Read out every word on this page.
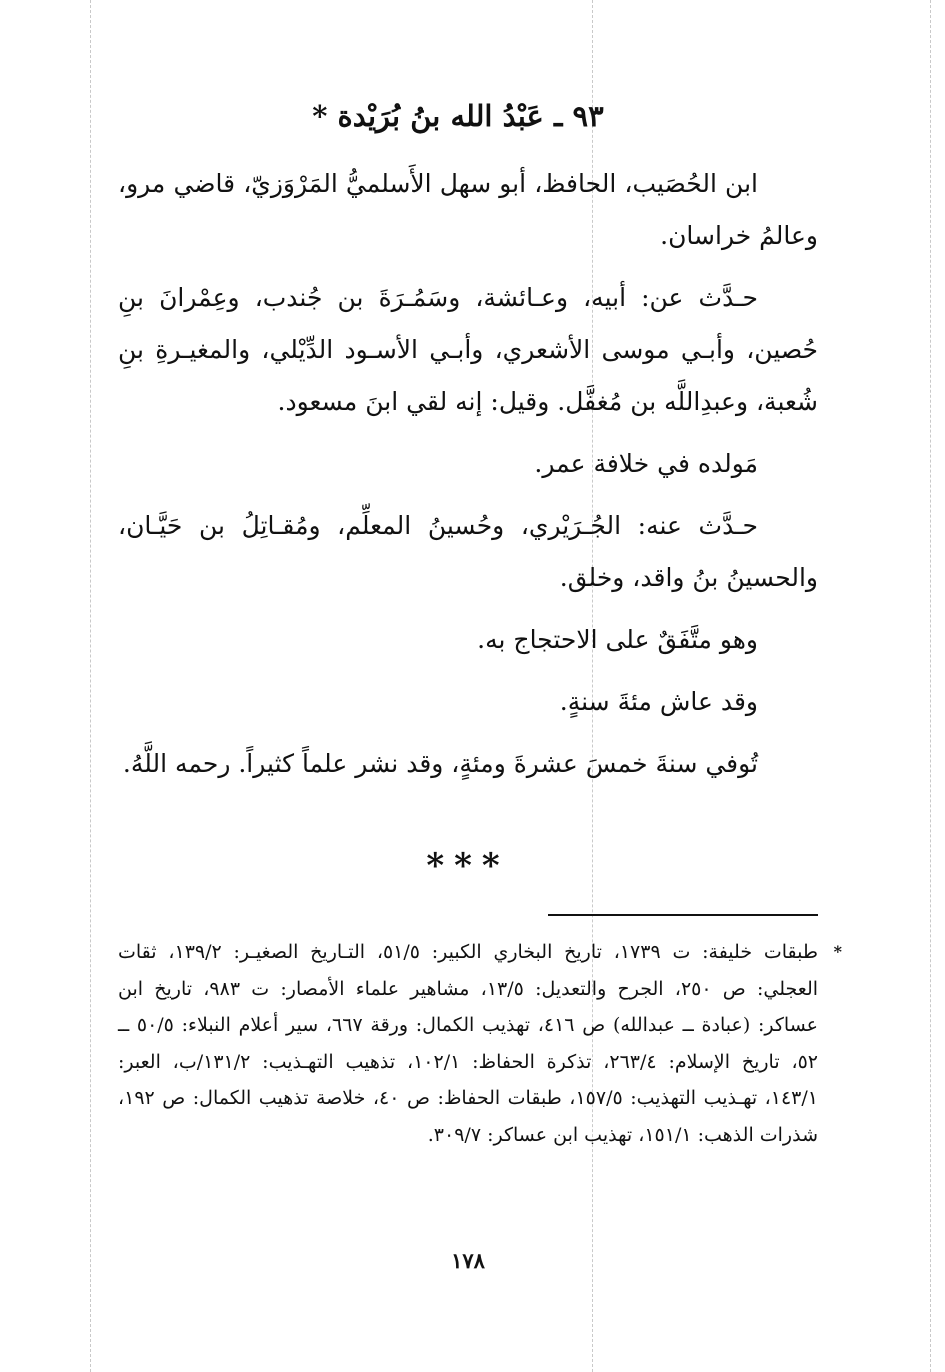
٩٣ ـ عَبْدُ الله بنُ بُرَيْدة *

ابن الحُصَيب، الحافظ، أبو سهل الأَسلميُّ المَرْوَزيّ، قاضي مرو، وعالمُ خراسان.

حـدَّث عن: أبيه، وعـائشة، وسَمُـرَةَ بن جُندب، وعِمْرانَ بنِ حُصين، وأبـي موسى الأشعري، وأبـي الأسـود الدِّيْلي، والمغيـرةِ بنِ شُعبة، وعبدِاللَّه بن مُغفَّل. وقيل: إنه لقي ابنَ مسعود.

مَولده في خلافة عمر.

حـدَّث عنه: الجُـرَيْري، وحُسينُ المعلِّم، ومُقـاتِلُ بن حَيَّـان، والحسينُ بنُ واقد، وخلق.

وهو متَّفَقٌ على الاحتجاج به.

وقد عاش مئةَ سنةٍ.

تُوفي سنةَ خمسَ عشرةَ ومئةٍ، وقد نشر علماً كثيراً. رحمه اللَّهُ.

***
*
طبقات خليفة: ت ١٧٣٩، تاريخ البخاري الكبير: ٥١/٥، التـاريخ الصغيـر: ١٣٩/٢، ثقات العجلي: ص ٢٥٠، الجرح والتعديل: ١٣/٥، مشاهير علماء الأمصار: ت ٩٨٣، تاريخ ابن عساكر: (عبادة ــ عبدالله) ص ٤١٦، تهذيب الكمال: ورقة ٦٦٧، سير أعلام النبلاء: ٥٠/٥ ــ ٥٢، تاريخ الإسلام: ٢٦٣/٤، تذكرة الحفاظ: ١٠٢/١، تذهيب التهـذيب: ١٣١/٢/ب، العبر: ١٤٣/١، تهـذيب التهذيب: ١٥٧/٥، طبقات الحفاظ: ص ٤٠، خلاصة تذهيب الكمال: ص ١٩٢، شذرات الذهب: ١٥١/١، تهذيب ابن عساكر: ٣٠٩/٧.
١٧٨
